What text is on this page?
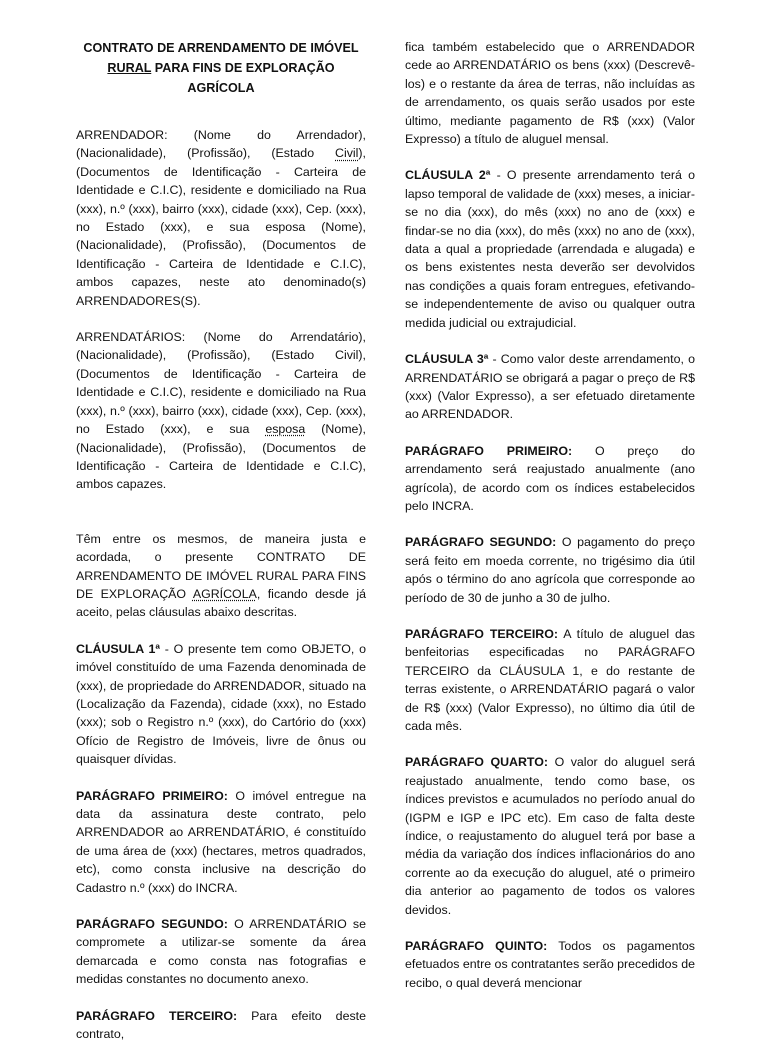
CONTRATO DE ARRENDAMENTO DE IMÓVEL
RURAL PARA FINS DE EXPLORAÇÃO AGRÍCOLA

ARRENDADOR: (Nome do Arrendador), (Nacionalidade), (Profissão), (Estado Civil), (Documentos de Identificação - Carteira de Identidade e C.I.C), residente e domiciliado na Rua (xxx), n.º (xxx), bairro (xxx), cidade (xxx), Cep. (xxx), no Estado (xxx), e sua esposa (Nome), (Nacionalidade), (Profissão), (Documentos de Identificação - Carteira de Identidade e C.I.C), ambos capazes, neste ato denominado(s) ARRENDADORES(S).

ARRENDATÁRIOS: (Nome do Arrendatário), (Nacionalidade), (Profissão), (Estado Civil), (Documentos de Identificação - Carteira de Identidade e C.I.C), residente e domiciliado na Rua (xxx), n.º (xxx), bairro (xxx), cidade (xxx), Cep. (xxx), no Estado (xxx), e sua esposa (Nome), (Nacionalidade), (Profissão), (Documentos de Identificação - Carteira de Identidade e C.I.C), ambos capazes.

Têm entre os mesmos, de maneira justa e acordada, o presente CONTRATO DE ARRENDAMENTO DE IMÓVEL RURAL PARA FINS DE EXPLORAÇÃO AGRÍCOLA, ficando desde já aceito, pelas cláusulas abaixo descritas.

CLÁUSULA 1ª - O presente tem como OBJETO, o imóvel constituído de uma Fazenda denominada de (xxx), de propriedade do ARRENDADOR, situado na (Localização da Fazenda), cidade (xxx), no Estado (xxx); sob o Registro n.º (xxx), do Cartório do (xxx) Ofício de Registro de Imóveis, livre de ônus ou quaisquer dívidas.

PARÁGRAFO PRIMEIRO: O imóvel entregue na data da assinatura deste contrato, pelo ARRENDADOR ao ARRENDATÁRIO, é constituído de uma área de (xxx) (hectares, metros quadrados, etc), como consta inclusive na descrição do Cadastro n.º (xxx) do INCRA.

PARÁGRAFO SEGUNDO: O ARRENDATÁRIO se compromete a utilizar-se somente da área demarcada e como consta nas fotografias e medidas constantes no documento anexo.

PARÁGRAFO TERCEIRO: Para efeito deste contrato,

fica também estabelecido que o ARRENDADOR cede ao ARRENDATÁRIO os bens (xxx) (Descrevê-los) e o restante da área de terras, não incluídas as de arrendamento, os quais serão usados por este último, mediante pagamento de R$ (xxx) (Valor Expresso) a título de aluguel mensal.

CLÁUSULA 2ª - O presente arrendamento terá o lapso temporal de validade de (xxx) meses, a iniciar-se no dia (xxx), do mês (xxx) no ano de (xxx) e findar-se no dia (xxx), do mês (xxx) no ano de (xxx), data a qual a propriedade (arrendada e alugada) e os bens existentes nesta deverão ser devolvidos nas condições a quais foram entregues, efetivando-se independentemente de aviso ou qualquer outra medida judicial ou extrajudicial.

CLÁUSULA 3ª - Como valor deste arrendamento, o ARRENDATÁRIO se obrigará a pagar o preço de R$ (xxx) (Valor Expresso), a ser efetuado diretamente ao ARRENDADOR.

PARÁGRAFO PRIMEIRO: O preço do arrendamento será reajustado anualmente (ano agrícola), de acordo com os índices estabelecidos pelo INCRA.

PARÁGRAFO SEGUNDO: O pagamento do preço será feito em moeda corrente, no trigésimo dia útil após o término do ano agrícola que corresponde ao período de 30 de junho a 30 de julho.

PARÁGRAFO TERCEIRO: A título de aluguel das benfeitorias especificadas no PARÁGRAFO TERCEIRO da CLÁUSULA 1, e do restante de terras existente, o ARRENDATÁRIO pagará o valor de R$ (xxx) (Valor Expresso), no último dia útil de cada mês.

PARÁGRAFO QUARTO: O valor do aluguel será reajustado anualmente, tendo como base, os índices previstos e acumulados no período anual do (IGPM e IGP e IPC etc). Em caso de falta deste índice, o reajustamento do aluguel terá por base a média da variação dos índices inflacionários do ano corrente ao da execução do aluguel, até o primeiro dia anterior ao pagamento de todos os valores devidos.

PARÁGRAFO QUINTO: Todos os pagamentos efetuados entre os contratantes serão precedidos de recibo, o qual deverá mencionar
